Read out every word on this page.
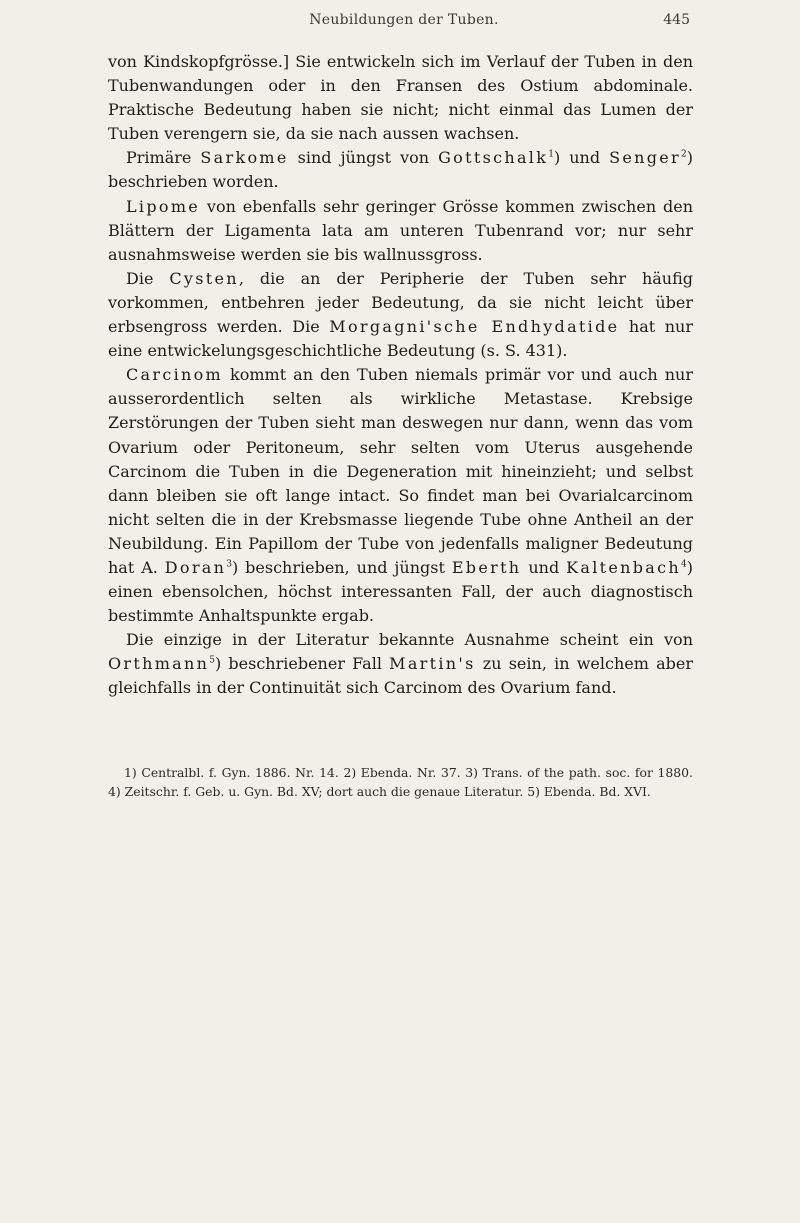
Neubildungen der Tuben.	445

von Kindskopfgrösse.] Sie entwickeln sich im Verlauf der Tuben in den Tubenwandungen oder in den Fransen des Ostium abdominale. Praktische Bedeutung haben sie nicht; nicht einmal das Lumen der Tuben verengern sie, da sie nach aussen wachsen.

Primäre Sarkome sind jüngst von Gottschalk$^1$) und Senger$^2$) beschrieben worden.

Lipome von ebenfalls sehr geringer Grösse kommen zwischen den Blättern der Ligamenta lata am unteren Tubenrand vor; nur sehr ausnahmsweise werden sie bis wallnussgross.

Die Cysten, die an der Peripherie der Tuben sehr häufig vorkommen, entbehren jeder Bedeutung, da sie nicht leicht über erbsengross werden. Die Morgagni'sche Endhydatide hat nur eine entwickelungsgeschichtliche Bedeutung (s. S. 431).

Carcinom kommt an den Tuben niemals primär vor und auch nur ausserordentlich selten als wirkliche Metastase. Krebsige Zerstörungen der Tuben sieht man deswegen nur dann, wenn das vom Ovarium oder Peritoneum, sehr selten vom Uterus ausgehende Carcinom die Tuben in die Degeneration mit hineinzieht; und selbst dann bleiben sie oft lange intact. So findet man bei Ovarialcarcinom nicht selten die in der Krebsmasse liegende Tube ohne Antheil an der Neubildung. Ein Papillom der Tube von jedenfalls maligner Bedeutung hat A. Doran$^3$) beschrieben, und jüngst Eberth und Kaltenbach$^4$) einen ebensolchen, höchst interessanten Fall, der auch diagnostisch bestimmte Anhaltspunkte ergab.

Die einzige in der Literatur bekannte Ausnahme scheint ein von Orthmann$^5$) beschriebener Fall Martin's zu sein, in welchem aber gleichfalls in der Continuität sich Carcinom des Ovarium fand.

1) Centralbl. f. Gyn. 1886. Nr. 14. 2) Ebenda. Nr. 37. 3) Trans. of the path. soc. for 1880. 4) Zeitschr. f. Geb. u. Gyn. Bd. XV; dort auch die genaue Literatur. 5) Ebenda. Bd. XVI.
